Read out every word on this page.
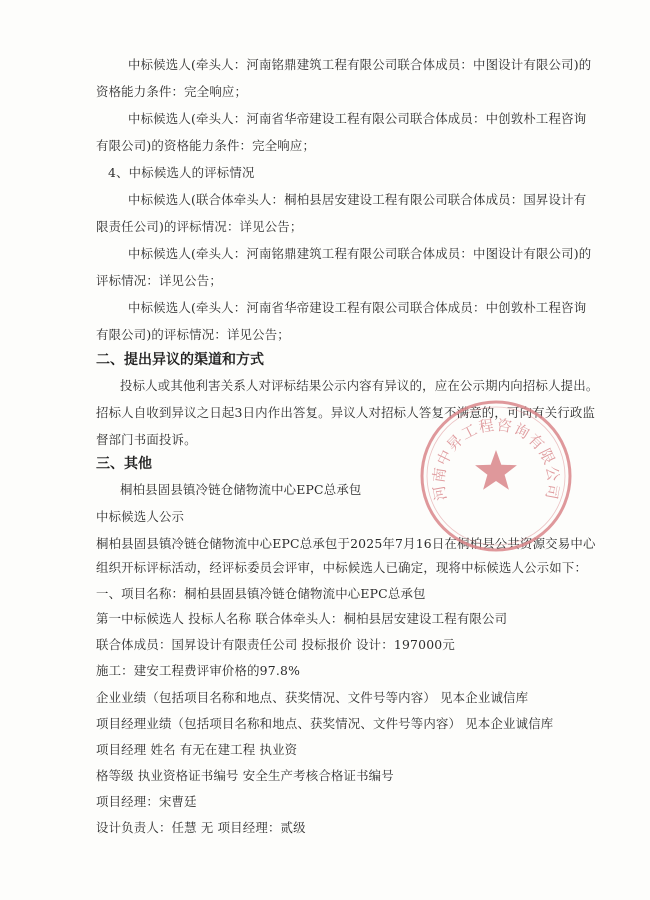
中标候选人(牵头人：河南铭鼎建筑工程有限公司联合体成员：中图设计有限公司)的
资格能力条件：完全响应；
中标候选人(牵头人：河南省华帝建设工程有限公司联合体成员：中创敦朴工程咨询
有限公司)的资格能力条件：完全响应；
4、中标候选人的评标情况
中标候选人(联合体牵头人：桐柏县居安建设工程有限公司联合体成员：国昇设计有
限责任公司)的评标情况：详见公告；
中标候选人(牵头人：河南铭鼎建筑工程有限公司联合体成员：中图设计有限公司)的
评标情况：详见公告；
中标候选人(牵头人：河南省华帝建设工程有限公司联合体成员：中创敦朴工程咨询
有限公司)的评标情况：详见公告；
二、提出异议的渠道和方式
投标人或其他利害关系人对评标结果公示内容有异议的，应在公示期内向招标人提出。
招标人自收到异议之日起3日内作出答复。异议人对招标人答复不满意的，可向有关行政监
督部门书面投诉。
三、其他
桐柏县固县镇冷链仓储物流中心EPC总承包
中标候选人公示
桐柏县固县镇冷链仓储物流中心EPC总承包于2025年7月16日在桐柏县公共资源交易中心
组织开标评标活动，经评标委员会评审，中标候选人已确定，现将中标候选人公示如下：
一、项目名称：桐柏县固县镇冷链仓储物流中心EPC总承包
第一中标候选人 投标人名称 联合体牵头人：桐柏县居安建设工程有限公司
联合体成员：国昇设计有限责任公司 投标报价 设计：197000元
施工：建安工程费评审价格的97.8%
企业业绩（包括项目名称和地点、获奖情况、文件号等内容） 见本企业诚信库
项目经理业绩（包括项目名称和地点、获奖情况、文件号等内容） 见本企业诚信库
项目经理 姓名 有无在建工程 执业资
格等级 执业资格证书编号 安全生产考核合格证书编号
项目经理：宋曹廷
设计负责人：任慧 无 项目经理：贰级
河南中昇工程咨询有限公司
